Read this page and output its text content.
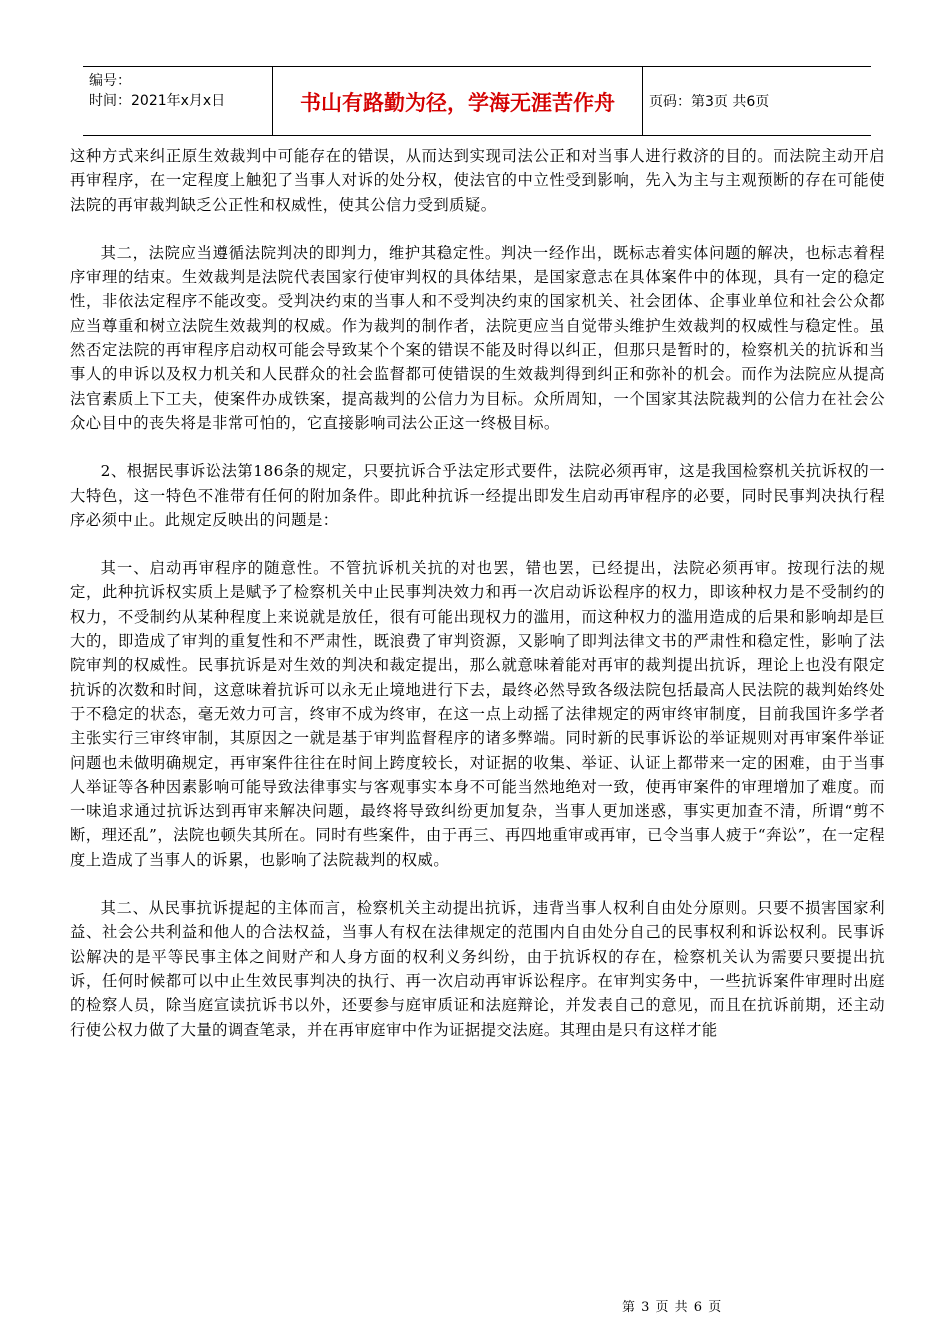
编号：
时间：2021年x月x日	书山有路勤为径，学海无涯苦作舟	页码：第3页 共6页

这种方式来纠正原生效裁判中可能存在的错误，从而达到实现司法公正和对当事人进行救济的目的。而法院主动开启再审程序，在一定程度上触犯了当事人对诉的处分权，使法官的中立性受到影响，先入为主与主观预断的存在可能使法院的再审裁判缺乏公正性和权威性，使其公信力受到质疑。

其二，法院应当遵循法院判决的即判力，维护其稳定性。判决一经作出，既标志着实体问题的解决，也标志着程序审理的结束。生效裁判是法院代表国家行使审判权的具体结果，是国家意志在具体案件中的体现，具有一定的稳定性，非依法定程序不能改变。受判决约束的当事人和不受判决约束的国家机关、社会团体、企事业单位和社会公众都应当尊重和树立法院生效裁判的权威。作为裁判的制作者，法院更应当自觉带头维护生效裁判的权威性与稳定性。虽然否定法院的再审程序启动权可能会导致某个个案的错误不能及时得以纠正，但那只是暂时的，检察机关的抗诉和当事人的申诉以及权力机关和人民群众的社会监督都可使错误的生效裁判得到纠正和弥补的机会。而作为法院应从提高法官素质上下工夫，使案件办成铁案，提高裁判的公信力为目标。众所周知，一个国家其法院裁判的公信力在社会公众心目中的丧失将是非常可怕的，它直接影响司法公正这一终极目标。

2、根据民事诉讼法第186条的规定，只要抗诉合乎法定形式要件，法院必须再审，这是我国检察机关抗诉权的一大特色，这一特色不准带有任何的附加条件。即此种抗诉一经提出即发生启动再审程序的必要，同时民事判决执行程序必须中止。此规定反映出的问题是：

其一、启动再审程序的随意性。不管抗诉机关抗的对也罢，错也罢，已经提出，法院必须再审。按现行法的规定，此种抗诉权实质上是赋予了检察机关中止民事判决效力和再一次启动诉讼程序的权力，即该种权力是不受制约的权力，不受制约从某种程度上来说就是放任，很有可能出现权力的滥用，而这种权力的滥用造成的后果和影响却是巨大的，即造成了审判的重复性和不严肃性，既浪费了审判资源，又影响了即判法律文书的严肃性和稳定性，影响了法院审判的权威性。民事抗诉是对生效的判决和裁定提出，那么就意味着能对再审的裁判提出抗诉，理论上也没有限定抗诉的次数和时间，这意味着抗诉可以永无止境地进行下去，最终必然导致各级法院包括最高人民法院的裁判始终处于不稳定的状态，毫无效力可言，终审不成为终审，在这一点上动摇了法律规定的两审终审制度，目前我国许多学者主张实行三审终审制，其原因之一就是基于审判监督程序的诸多弊端。同时新的民事诉讼的举证规则对再审案件举证问题也未做明确规定，再审案件往往在时间上跨度较长，对证据的收集、举证、认证上都带来一定的困难，由于当事人举证等各种因素影响可能导致法律事实与客观事实本身不可能当然地绝对一致，使再审案件的审理增加了难度。而一味追求通过抗诉达到再审来解决问题，最终将导致纠纷更加复杂，当事人更加迷惑，事实更加查不清，所谓“剪不断，理还乱”，法院也顿失其所在。同时有些案件，由于再三、再四地重审或再审，已令当事人疲于“奔讼”，在一定程度上造成了当事人的诉累，也影响了法院裁判的权威。

其二、从民事抗诉提起的主体而言，检察机关主动提出抗诉，违背当事人权利自由处分原则。只要不损害国家利益、社会公共利益和他人的合法权益，当事人有权在法律规定的范围内自由处分自己的民事权利和诉讼权利。民事诉讼解决的是平等民事主体之间财产和人身方面的权利义务纠纷，由于抗诉权的存在，检察机关认为需要只要提出抗诉，任何时候都可以中止生效民事判决的执行、再一次启动再审诉讼程序。在审判实务中，一些抗诉案件审理时出庭的检察人员，除当庭宣读抗诉书以外，还要参与庭审质证和法庭辩论，并发表自己的意见，而且在抗诉前期，还主动行使公权力做了大量的调查笔录，并在再审庭审中作为证据提交法庭。其理由是只有这样才能

第 3 页 共 6 页
